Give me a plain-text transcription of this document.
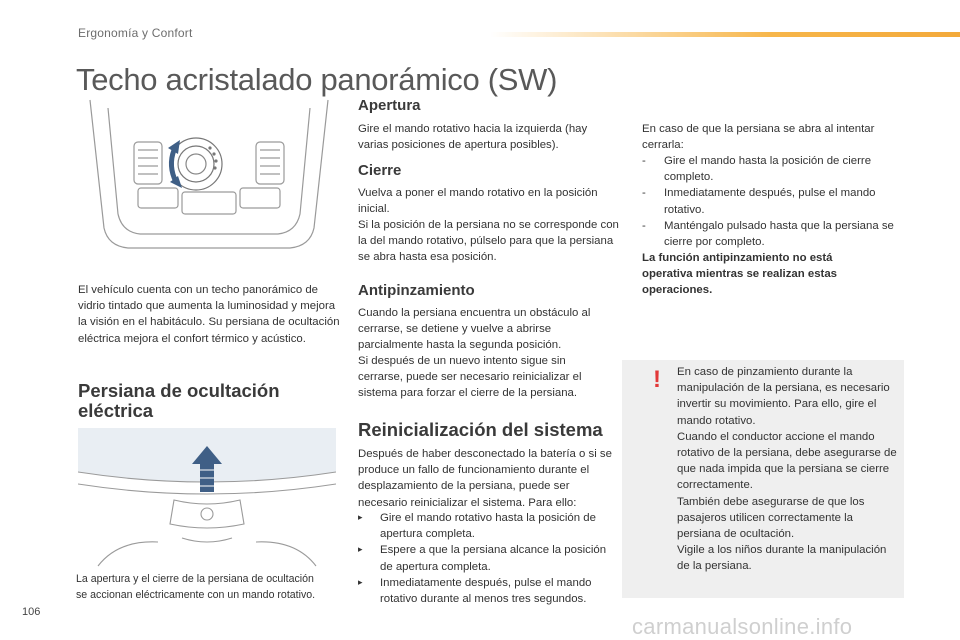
Ergonomía y Confort
Techo acristalado panorámico (SW)
El vehículo cuenta con un techo panorámico de vidrio tintado que aumenta la luminosidad y mejora la visión en el habitáculo. Su persiana de ocultación eléctrica mejora el confort térmico y acústico.
Persiana de ocultación
eléctrica
La apertura y el cierre de la persiana de ocultación
se accionan eléctricamente con un mando rotativo.
Apertura
Gire el mando rotativo hacia la izquierda (hay varias posiciones de apertura posibles).
Cierre
Vuelva a poner el mando rotativo en la posición inicial.
Si la posición de la persiana no se corresponde con la del mando rotativo, púlselo para que la persiana se abra hasta esa posición.
Antipinzamiento
Cuando la persiana encuentra un obstáculo al cerrarse, se detiene y vuelve a abrirse parcialmente hasta la segunda posición.
Si después de un nuevo intento sigue sin cerrarse, puede ser necesario reinicializar el sistema para forzar el cierre de la persiana.
Reinicialización del sistema
Después de haber desconectado la batería o si se produce un fallo de funcionamiento durante el desplazamiento de la persiana, puede ser necesario reinicializar el sistema. Para ello:
▸	Gire el mando rotativo hasta la posición de apertura completa.
▸	Espere a que la persiana alcance la posición de apertura completa.
▸	Inmediatamente después, pulse el mando rotativo durante al menos tres segundos.
En caso de que la persiana se abra al intentar cerrarla:
-	Gire el mando hasta la posición de cierre completo.
-	Inmediatamente después, pulse el mando rotativo.
-	Manténgalo pulsado hasta que la persiana se cierre por completo.
La función antipinzamiento no está operativa mientras se realizan estas operaciones.
! En caso de pinzamiento durante la manipulación de la persiana, es necesario invertir su movimiento. Para ello, gire el mando rotativo.
Cuando el conductor accione el mando rotativo de la persiana, debe asegurarse de que nada impida que la persiana se cierre correctamente.
También debe asegurarse de que los pasajeros utilicen correctamente la persiana de ocultación.
Vigile a los niños durante la manipulación de la persiana.
106
carmanualsonline.info
